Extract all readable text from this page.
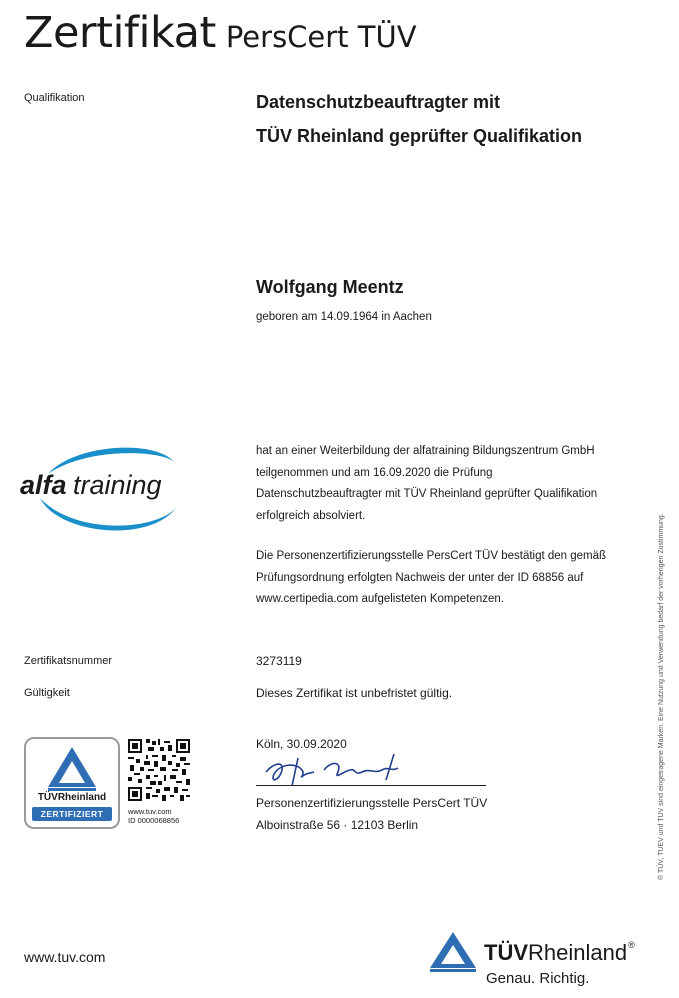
Zertifikat PersCert TÜV
Qualifikation	Datenschutzbeauftragter mit
TÜV Rheinland geprüfter Qualifikation
Wolfgang Meentz
geboren am 14.09.1964 in Aachen
alfa training
hat an einer Weiterbildung der alfatraining Bildungszentrum GmbH
teilgenommen und am 16.09.2020 die Prüfung
Datenschutzbeauftragter mit TÜV Rheinland geprüfter Qualifikation
erfolgreich absolviert.
Die Personenzertifizierungsstelle PersCert TÜV bestätigt den gemäß
Prüfungsordnung erfolgten Nachweis der unter der ID 68856 auf
www.certipedia.com aufgelisteten Kompetenzen.
Zertifikatsnummer	3273119
Gültigkeit	Dieses Zertifikat ist unbefristet gültig.
TÜVRheinland
ZERTIFIZIERT	www.tuv.com
ID 0000068856
Köln, 30.09.2020
Personenzertifizierungsstelle PersCert TÜV
Alboinstraße 56 · 12103 Berlin	® TÜV, TUEV und TUV sind eingetragene Marken. Eine Nutzung und Verwendung bedarf der vorherigen Zustimmung.
www.tuv.com	TÜVRheinland®
Genau. Richtig.
